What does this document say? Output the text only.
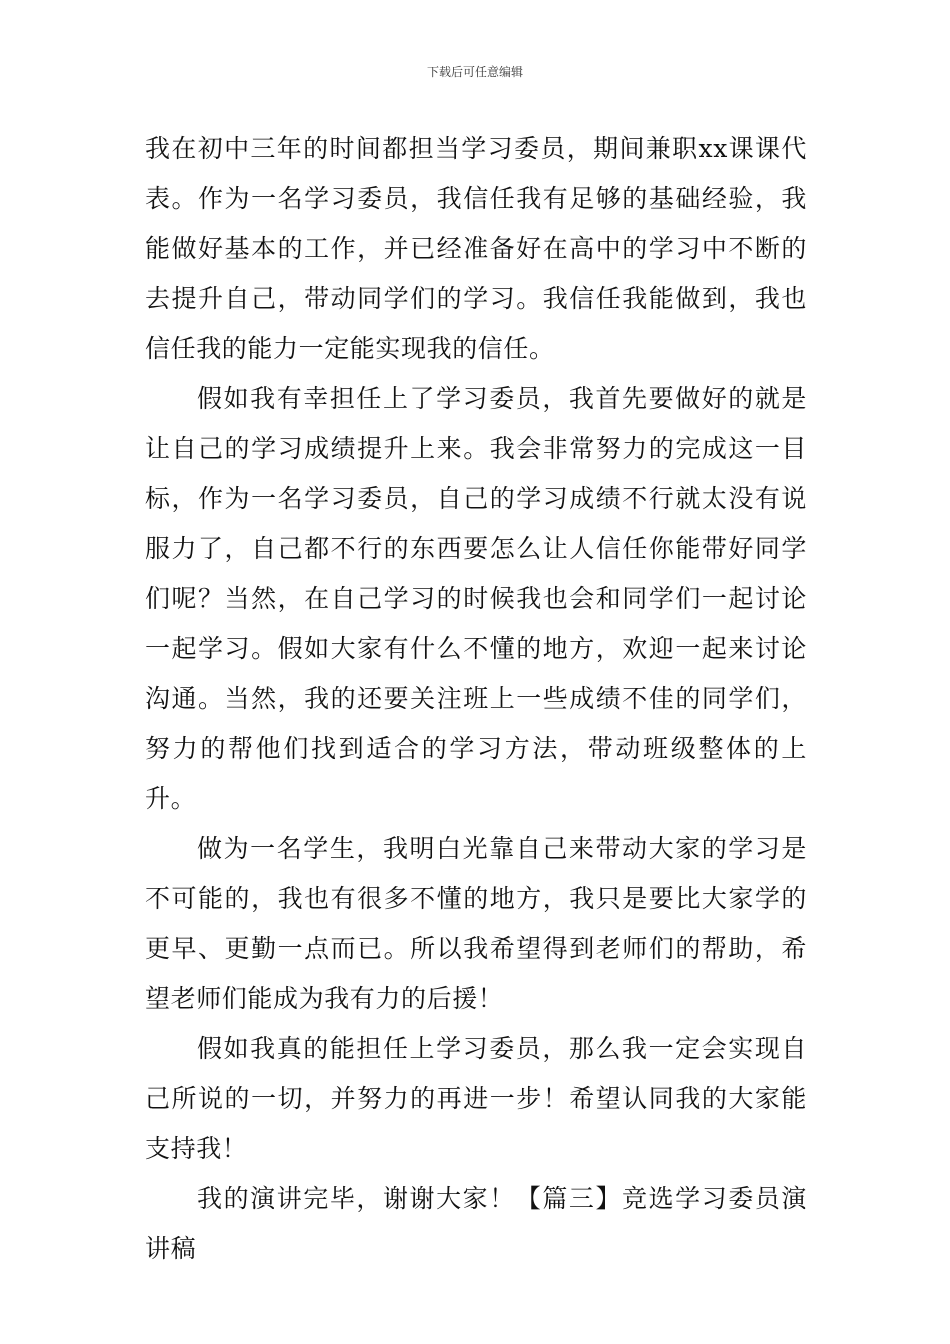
下载后可任意编辑

我在初中三年的时间都担当学习委员，期间兼职xx课课代表。作为一名学习委员，我信任我有足够的基础经验，我能做好基本的工作，并已经准备好在高中的学习中不断的去提升自己，带动同学们的学习。我信任我能做到，我也信任我的能力一定能实现我的信任。

假如我有幸担任上了学习委员，我首先要做好的就是让自己的学习成绩提升上来。我会非常努力的完成这一目标，作为一名学习委员，自己的学习成绩不行就太没有说服力了，自己都不行的东西要怎么让人信任你能带好同学们呢？当然，在自己学习的时候我也会和同学们一起讨论一起学习。假如大家有什么不懂的地方，欢迎一起来讨论沟通。当然，我的还要关注班上一些成绩不佳的同学们，努力的帮他们找到适合的学习方法，带动班级整体的上升。

做为一名学生，我明白光靠自己来带动大家的学习是不可能的，我也有很多不懂的地方，我只是要比大家学的更早、更勤一点而已。所以我希望得到老师们的帮助，希望老师们能成为我有力的后援！

假如我真的能担任上学习委员，那么我一定会实现自己所说的一切，并努力的再进一步！希望认同我的大家能支持我！

我的演讲完毕，谢谢大家！【篇三】竞选学习委员演讲稿
